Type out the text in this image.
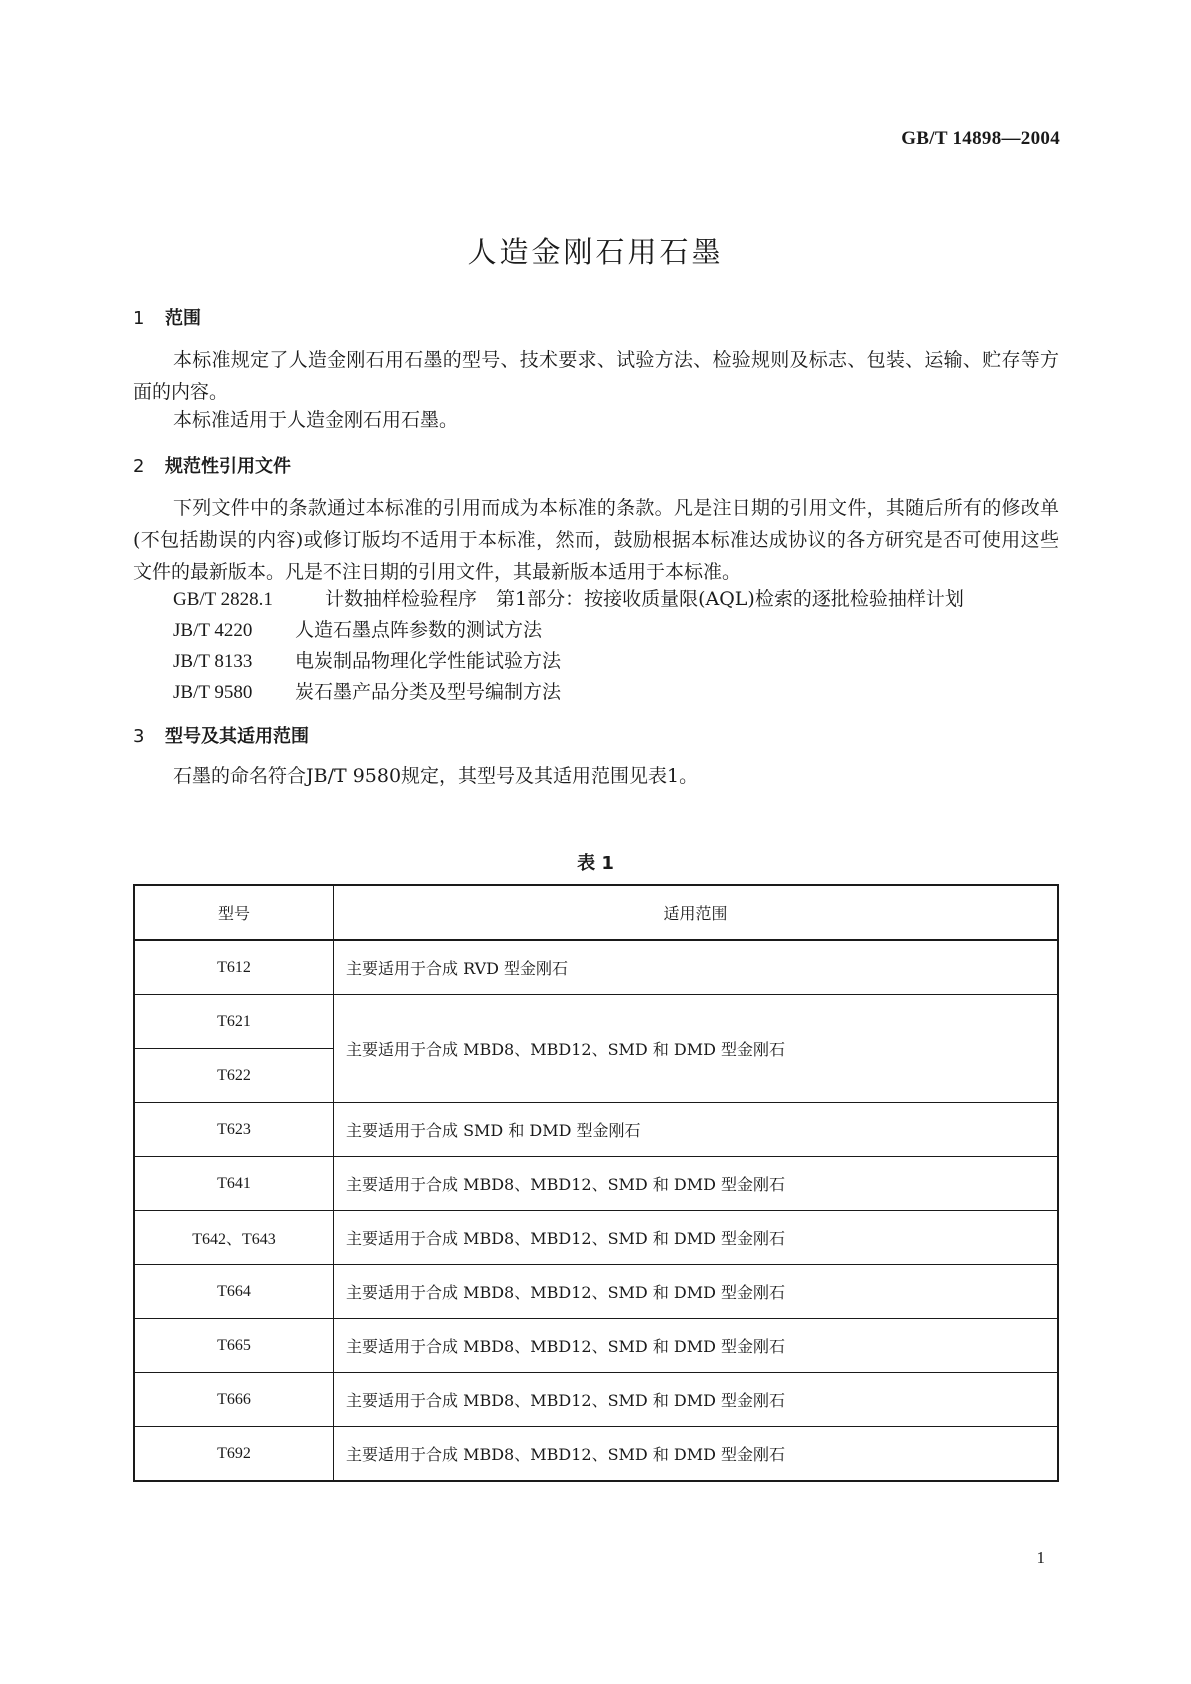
GB/T 14898—2004
人造金刚石用石墨
1 范围

本标准规定了人造金刚石用石墨的型号、技术要求、试验方法、检验规则及标志、包装、运输、贮存等方面的内容。

本标准适用于人造金刚石用石墨。

2 规范性引用文件

下列文件中的条款通过本标准的引用而成为本标准的条款。凡是注日期的引用文件，其随后所有的修改单(不包括勘误的内容)或修订版均不适用于本标准，然而，鼓励根据本标准达成协议的各方研究是否可使用这些文件的最新版本。凡是不注日期的引用文件，其最新版本适用于本标准。

GB/T 2828.1	计数抽样检验程序　第1部分：按接收质量限(AQL)检索的逐批检验抽样计划
JB/T 4220 人造石墨点阵参数的测试方法
JB/T 8133 电炭制品物理化学性能试验方法
JB/T 9580 炭石墨产品分类及型号编制方法
3 型号及其适用范围

石墨的命名符合JB/T 9580规定，其型号及其适用范围见表1。

表 1
型号	适用范围
T612	主要适用于合成 RVD 型金刚石
T621	主要适用于合成 MBD8、MBD12、SMD 和 DMD 型金刚石
T622	
T623	主要适用于合成 SMD 和 DMD 型金刚石
T641	主要适用于合成 MBD8、MBD12、SMD 和 DMD 型金刚石
T642、T643	主要适用于合成 MBD8、MBD12、SMD 和 DMD 型金刚石
T664	主要适用于合成 MBD8、MBD12、SMD 和 DMD 型金刚石
T665	主要适用于合成 MBD8、MBD12、SMD 和 DMD 型金刚石
T666	主要适用于合成 MBD8、MBD12、SMD 和 DMD 型金刚石
T692	主要适用于合成 MBD8、MBD12、SMD 和 DMD 型金刚石
1
